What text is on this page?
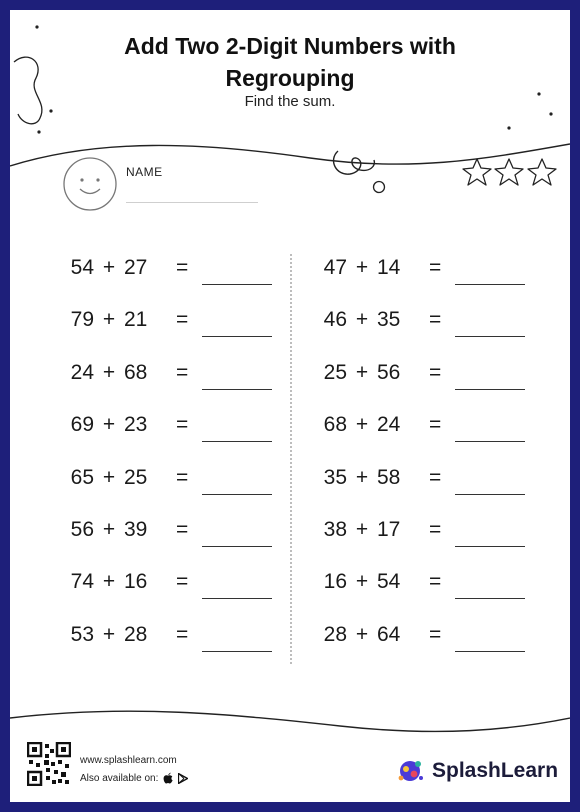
Add Two 2-Digit Numbers with
Regrouping
Find the sum.
NAME
54 + 27	=
79 + 21	=
24 + 68	=
69 + 23	=
65 + 25	=
56 + 39	=
74 + 16	=
53 + 28	=
47 + 14	=
46 + 35	=
25 + 56	=
68 + 24	=
35 + 58	=
38 + 17	=
16 + 54	=
28 + 64	=
www.splashlearn.com
Also available on:	SplashLearn
